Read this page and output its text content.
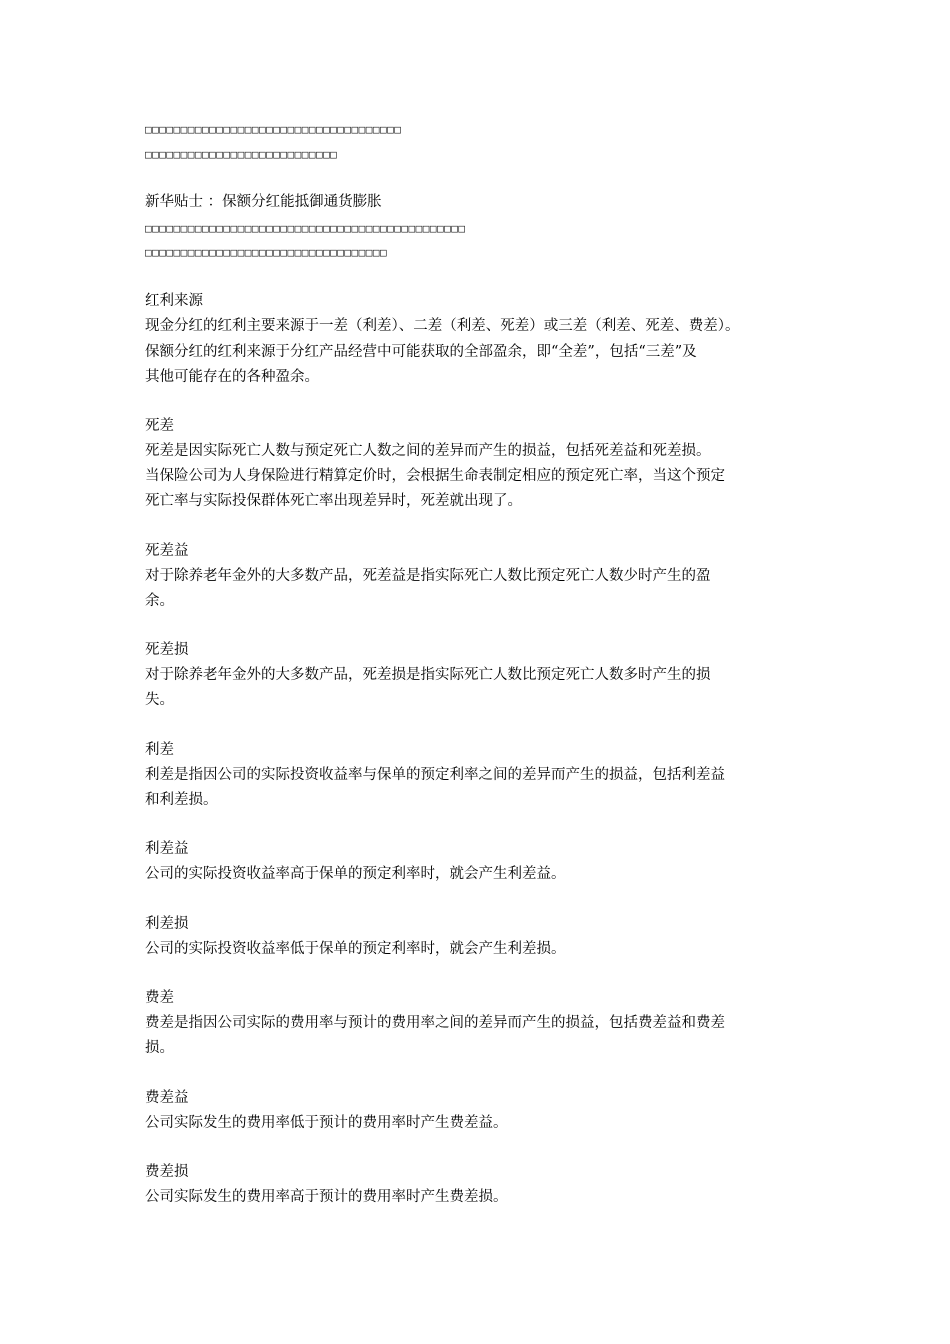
□□□□□□□□□□□□□□□□□□□□□□□□□□□□□□□□□□□□
□□□□□□□□□□□□□□□□□□□□□□□□□□□
新华贴士 ：保额分红能抵御通货膨胀
□□□□□□□□□□□□□□□□□□□□□□□□□□□□□□□□□□□□□□□□□□□□□
□□□□□□□□□□□□□□□□□□□□□□□□□□□□□□□□□□
红利来源
现金分红的红利主要来源于一差（利差）、二差（利差、死差）或三差（利差、死差、费差）。
保额分红的红利来源于分红产品经营中可能获取的全部盈余，即“全差”，包括“三差”及
其他可能存在的各种盈余。
死差
死差是因实际死亡人数与预定死亡人数之间的差异而产生的损益，包括死差益和死差损。
当保险公司为人身保险进行精算定价时，会根据生命表制定相应的预定死亡率，当这个预定
死亡率与实际投保群体死亡率出现差异时，死差就出现了。
死差益
对于除养老年金外的大多数产品，死差益是指实际死亡人数比预定死亡人数少时产生的盈
余。
死差损
对于除养老年金外的大多数产品，死差损是指实际死亡人数比预定死亡人数多时产生的损
失。
利差
利差是指因公司的实际投资收益率与保单的预定利率之间的差异而产生的损益，包括利差益
和利差损。
利差益
公司的实际投资收益率高于保单的预定利率时，就会产生利差益。
利差损
公司的实际投资收益率低于保单的预定利率时，就会产生利差损。
费差
费差是指因公司实际的费用率与预计的费用率之间的差异而产生的损益，包括费差益和费差
损。
费差益
公司实际发生的费用率低于预计的费用率时产生费差益。
费差损
公司实际发生的费用率高于预计的费用率时产生费差损。
